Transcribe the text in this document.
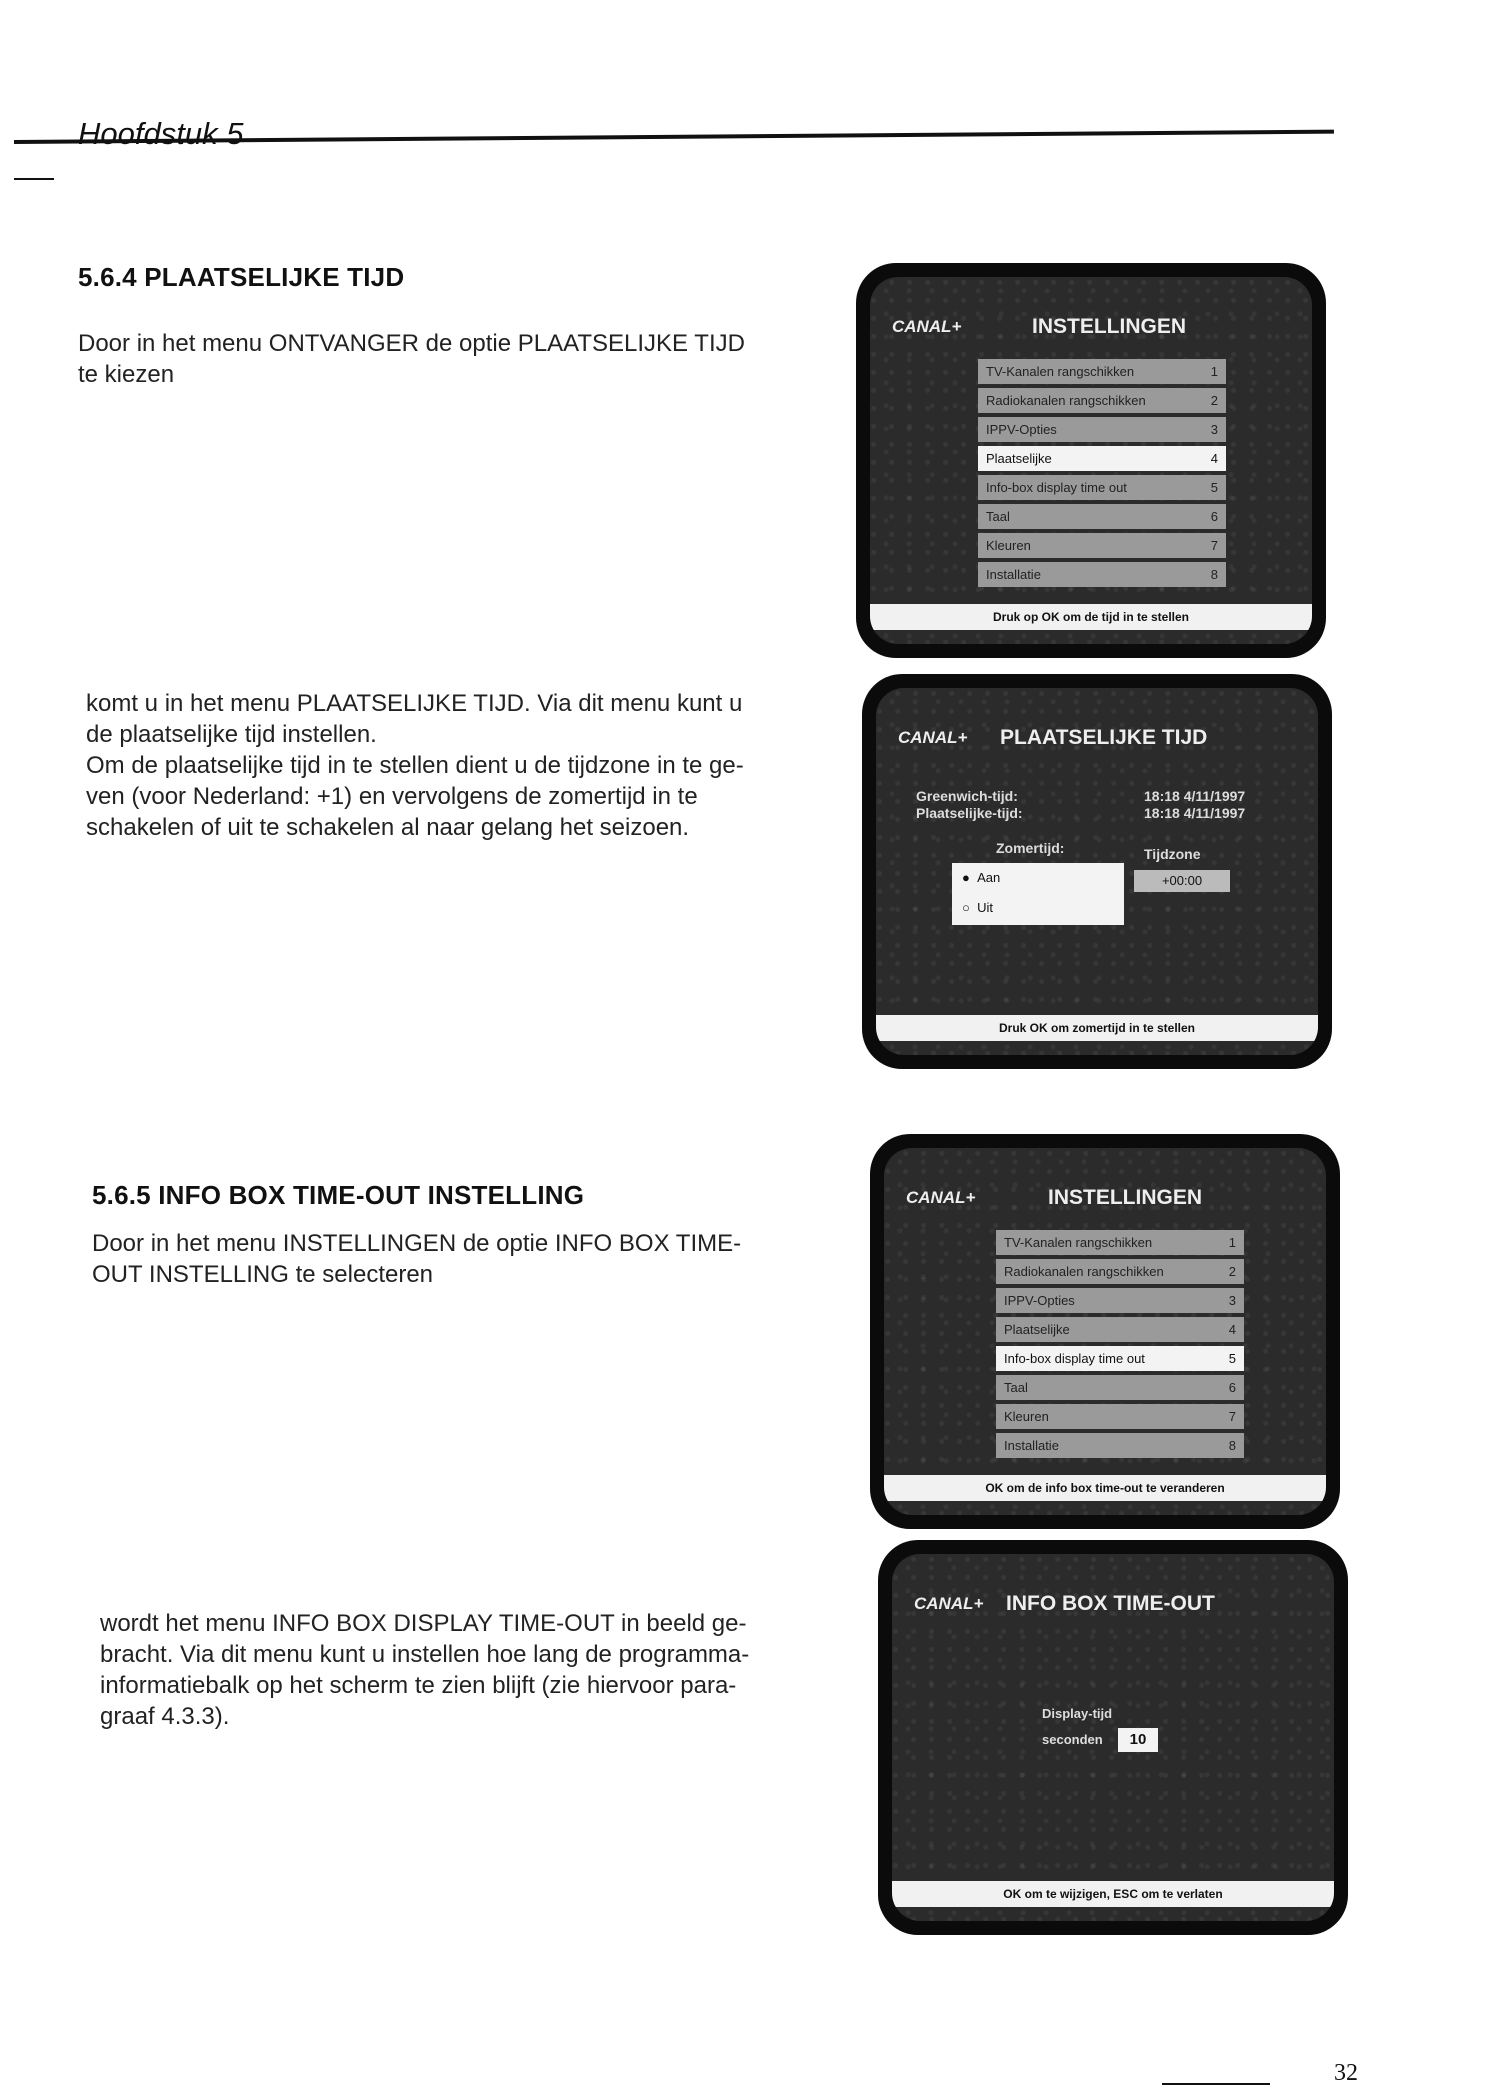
Hoofdstuk 5
5.6.4 PLAATSELIJKE TIJD

Door in het menu ONTVANGER de optie PLAATSELIJKE TIJD

te kiezen

komt u in het menu PLAATSELIJKE TIJD. Via dit menu kunt u

de plaatselijke tijd instellen.

Om de plaatselijke tijd in te stellen dient u de tijdzone in te ge-

ven (voor Nederland: +1) en vervolgens de zomertijd in te

schakelen of uit te schakelen al naar gelang het seizoen.

CANAL+	INSTELLINGEN
TV-Kanalen rangschikken	1
Radiokanalen rangschikken	2
IPPV-Opties	3
Plaatselijke	4
Info-box display time out	5
Taal	6
Kleuren	7
Installatie	8
Druk op OK om de tijd in te stellen
CANAL+ PLAATSELIJKE TIJD
Greenwich-tijd:	18:18 4/11/1997
Plaatselijke-tijd:	18:18 4/11/1997
Zomertijd:
● Aan
○ Uit
Tijdzone
+00:00
Druk OK om zomertijd in te stellen
5.6.5 INFO BOX TIME-OUT INSTELLING

Door in het menu INSTELLINGEN de optie INFO BOX TIME-

OUT INSTELLING te selecteren

wordt het menu INFO BOX DISPLAY TIME-OUT in beeld ge-

bracht. Via dit menu kunt u instellen hoe lang de programma-

informatiebalk op het scherm te zien blijft (zie hiervoor para-

graaf 4.3.3).

CANAL+	INSTELLINGEN
TV-Kanalen rangschikken	1
Radiokanalen rangschikken	2
IPPV-Opties	3
Plaatselijke	4
Info-box display time out	5
Taal	6
Kleuren	7
Installatie	8
OK om de info box time-out te veranderen
CANAL+ INFO BOX TIME-OUT
Display-tijd
seconden	10
OK om te wijzigen, ESC om te verlaten
32
